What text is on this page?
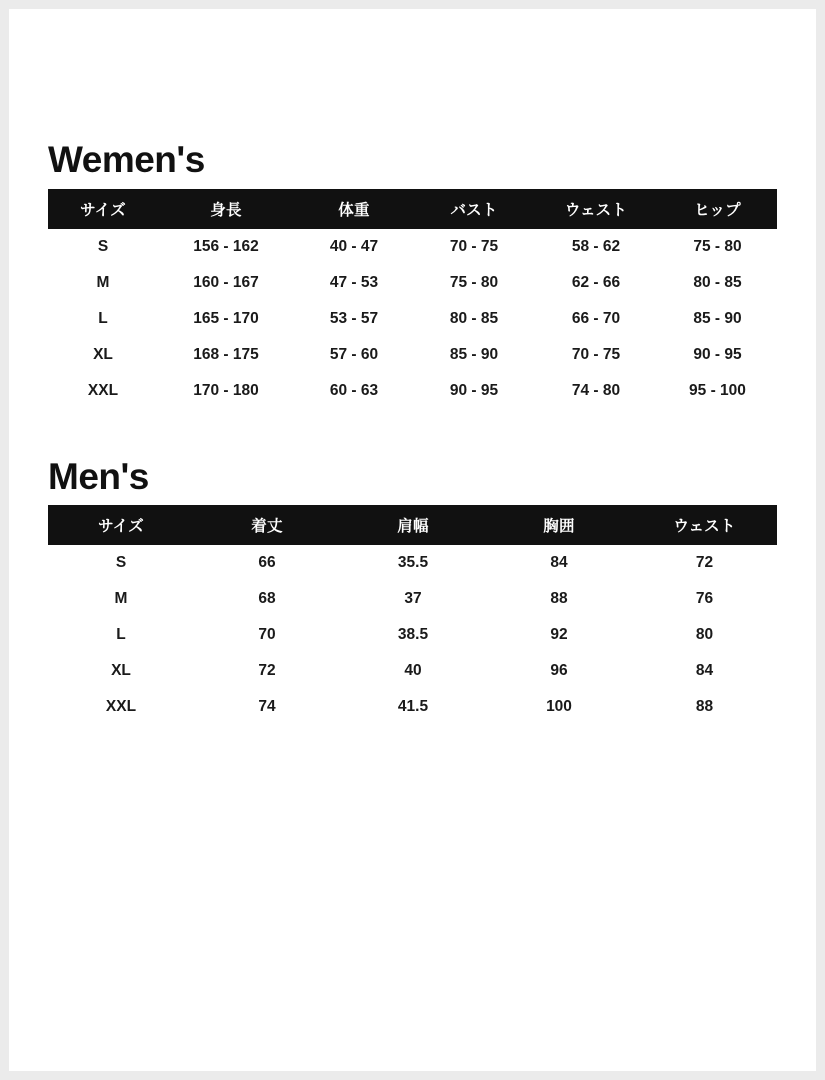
Wemen's
サイズ	身長	体重	バスト	ウェスト	ヒップ
S	156 - 162	40 - 47	70 - 75	58 - 62	75 - 80
M	160 - 167	47 - 53	75 - 80	62 - 66	80 - 85
L	165 - 170	53 - 57	80 - 85	66 - 70	85 - 90
XL	168 - 175	57 - 60	85 - 90	70 - 75	90 - 95
XXL	170 - 180	60 - 63	90 - 95	74 - 80	95 - 100
Men's
サイズ	着丈	肩幅	胸囲	ウェスト
S	66	35.5	84	72
M	68	37	88	76
L	70	38.5	92	80
XL	72	40	96	84
XXL	74	41.5	100	88
